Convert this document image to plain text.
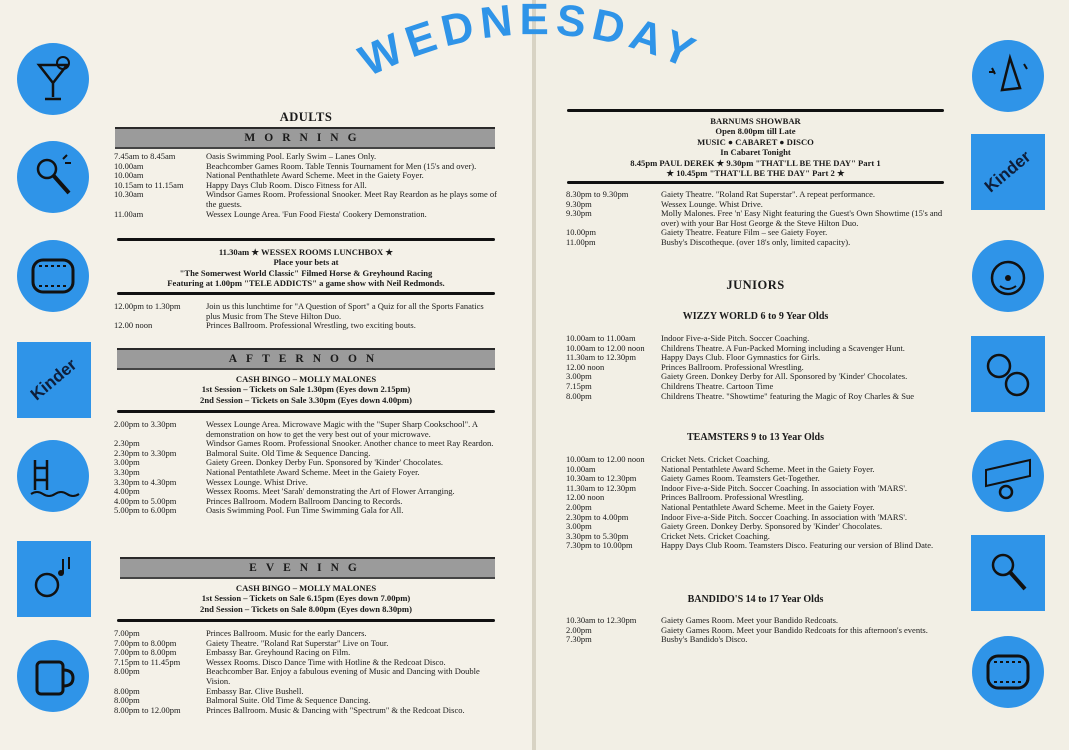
WEDNESDAY
Kinder
Kinder
ADULTS
MORNING
7.45am to 8.45am	Oasis Swimming Pool. Early Swim – Lanes Only.
10.00am	Beachcomber Games Room. Table Tennis Tournament for Men (15's and over).
10.00am	National Penthathlete Award Scheme. Meet in the Gaiety Foyer.
10.15am to 11.15am	Happy Days Club Room. Disco Fitness for All.
10.30am	Windsor Games Room. Professional Snooker. Meet Ray Reardon as he plays some of the guests.
11.00am	Wessex Lounge Area. 'Fun Food Fiesta' Cookery Demonstration.
11.30am ★ WESSEX ROOMS LUNCHBOX ★
Place your bets at
"The Somerwest World Classic" Filmed Horse & Greyhound Racing
Featuring at 1.00pm "TELE ADDICTS" a game show with Neil Redmonds.
12.00pm to 1.30pm	Join us this lunchtime for "A Question of Sport" a Quiz for all the Sports Fanatics plus Music from The Steve Hilton Duo.
12.00 noon	Princes Ballroom. Professional Wrestling, two exciting bouts.
AFTERNOON
CASH BINGO – MOLLY MALONES
1st Session – Tickets on Sale 1.30pm (Eyes down 2.15pm)
2nd Session – Tickets on Sale 3.30pm (Eyes down 4.00pm)
2.00pm to 3.30pm	Wessex Lounge Area. Microwave Magic with the "Super Sharp Cookschool". A demonstration on how to get the very best out of your microwave.
2.30pm	Windsor Games Room. Professional Snooker. Another chance to meet Ray Reardon.
2.30pm to 3.30pm	Balmoral Suite. Old Time & Sequence Dancing.
3.00pm	Gaiety Green. Donkey Derby Fun. Sponsored by 'Kinder' Chocolates.
3.30pm	National Pentathlete Award Scheme. Meet in the Gaiety Foyer.
3.30pm to 4.30pm	Wessex Lounge. Whist Drive.
4.00pm	Wessex Rooms. Meet 'Sarah' demonstrating the Art of Flower Arranging.
4.00pm to 5.00pm	Princes Ballroom. Modern Ballroom Dancing to Records.
5.00pm to 6.00pm	Oasis Swimming Pool. Fun Time Swimming Gala for All.
EVENING
CASH BINGO – MOLLY MALONES
1st Session – Tickets on Sale 6.15pm (Eyes down 7.00pm)
2nd Session – Tickets on Sale 8.00pm (Eyes down 8.30pm)
7.00pm	Princes Ballroom. Music for the early Dancers.
7.00pm to 8.00pm	Gaiety Theatre. "Roland Rat Superstar" Live on Tour.
7.00pm to 8.00pm	Embassy Bar. Greyhound Racing on Film.
7.15pm to 11.45pm	Wessex Rooms. Disco Dance Time with Hotline & the Redcoat Disco.
8.00pm	Beachcomber Bar. Enjoy a fabulous evening of Music and Dancing with Double Vision.
8.00pm	Embassy Bar. Clive Bushell.
8.00pm	Balmoral Suite. Old Time & Sequence Dancing.
8.00pm to 12.00pm	Princes Ballroom. Music & Dancing with "Spectrum" & the Redcoat Disco.
BARNUMS SHOWBAR
Open 8.00pm till Late
MUSIC ● CABARET ● DISCO
In Cabaret Tonight
8.45pm PAUL DEREK ★ 9.30pm "THAT'LL BE THE DAY" Part 1
★ 10.45pm "THAT'LL BE THE DAY" Part 2 ★
8.30pm to 9.30pm	Gaiety Theatre. "Roland Rat Superstar". A repeat performance.
9.30pm	Wessex Lounge. Whist Drive.
9.30pm	Molly Malones. Free 'n' Easy Night featuring the Guest's Own Showtime (15's and over) with your Bar Host George & the Steve Hilton Duo.
10.00pm	Gaiety Theatre. Feature Film – see Gaiety Foyer.
11.00pm	Busby's Discotheque. (over 18's only, limited capacity).
JUNIORS
WIZZY WORLD 6 to 9 Year Olds
10.00am to 11.00am	Indoor Five-a-Side Pitch. Soccer Coaching.
10.00am to 12.00 noon	Childrens Theatre. A Fun-Packed Morning including a Scavenger Hunt.
11.30am to 12.30pm	Happy Days Club. Floor Gymnastics for Girls.
12.00 noon	Princes Ballroom. Professional Wrestling.
3.00pm	Gaiety Green. Donkey Derby for All. Sponsored by 'Kinder' Chocolates.
7.15pm	Childrens Theatre. Cartoon Time
8.00pm	Childrens Theatre. "Showtime" featuring the Magic of Roy Charles & Sue
TEAMSTERS 9 to 13 Year Olds
10.00am to 12.00 noon	Cricket Nets. Cricket Coaching.
10.00am	National Pentathlete Award Scheme. Meet in the Gaiety Foyer.
10.30am to 12.30pm	Gaiety Games Room. Teamsters Get-Together.
11.30am to 12.30pm	Indoor Five-a-Side Pitch. Soccer Coaching. In association with 'MARS'.
12.00 noon	Princes Ballroom. Professional Wrestling.
2.00pm	National Pentathlete Award Scheme. Meet in the Gaiety Foyer.
2.30pm to 4.00pm	Indoor Five-a-Side Pitch. Soccer Coaching. In association with 'MARS'.
3.00pm	Gaiety Green. Donkey Derby. Sponsored by 'Kinder' Chocolates.
3.30pm to 5.30pm	Cricket Nets. Cricket Coaching.
7.30pm to 10.00pm	Happy Days Club Room. Teamsters Disco. Featuring our version of Blind Date.
BANDIDO'S 14 to 17 Year Olds
10.30am to 12.30pm	Gaiety Games Room. Meet your Bandido Redcoats.
2.00pm	Gaiety Games Room. Meet your Bandido Redcoats for this afternoon's events.
7.30pm	Busby's Bandido's Disco.
